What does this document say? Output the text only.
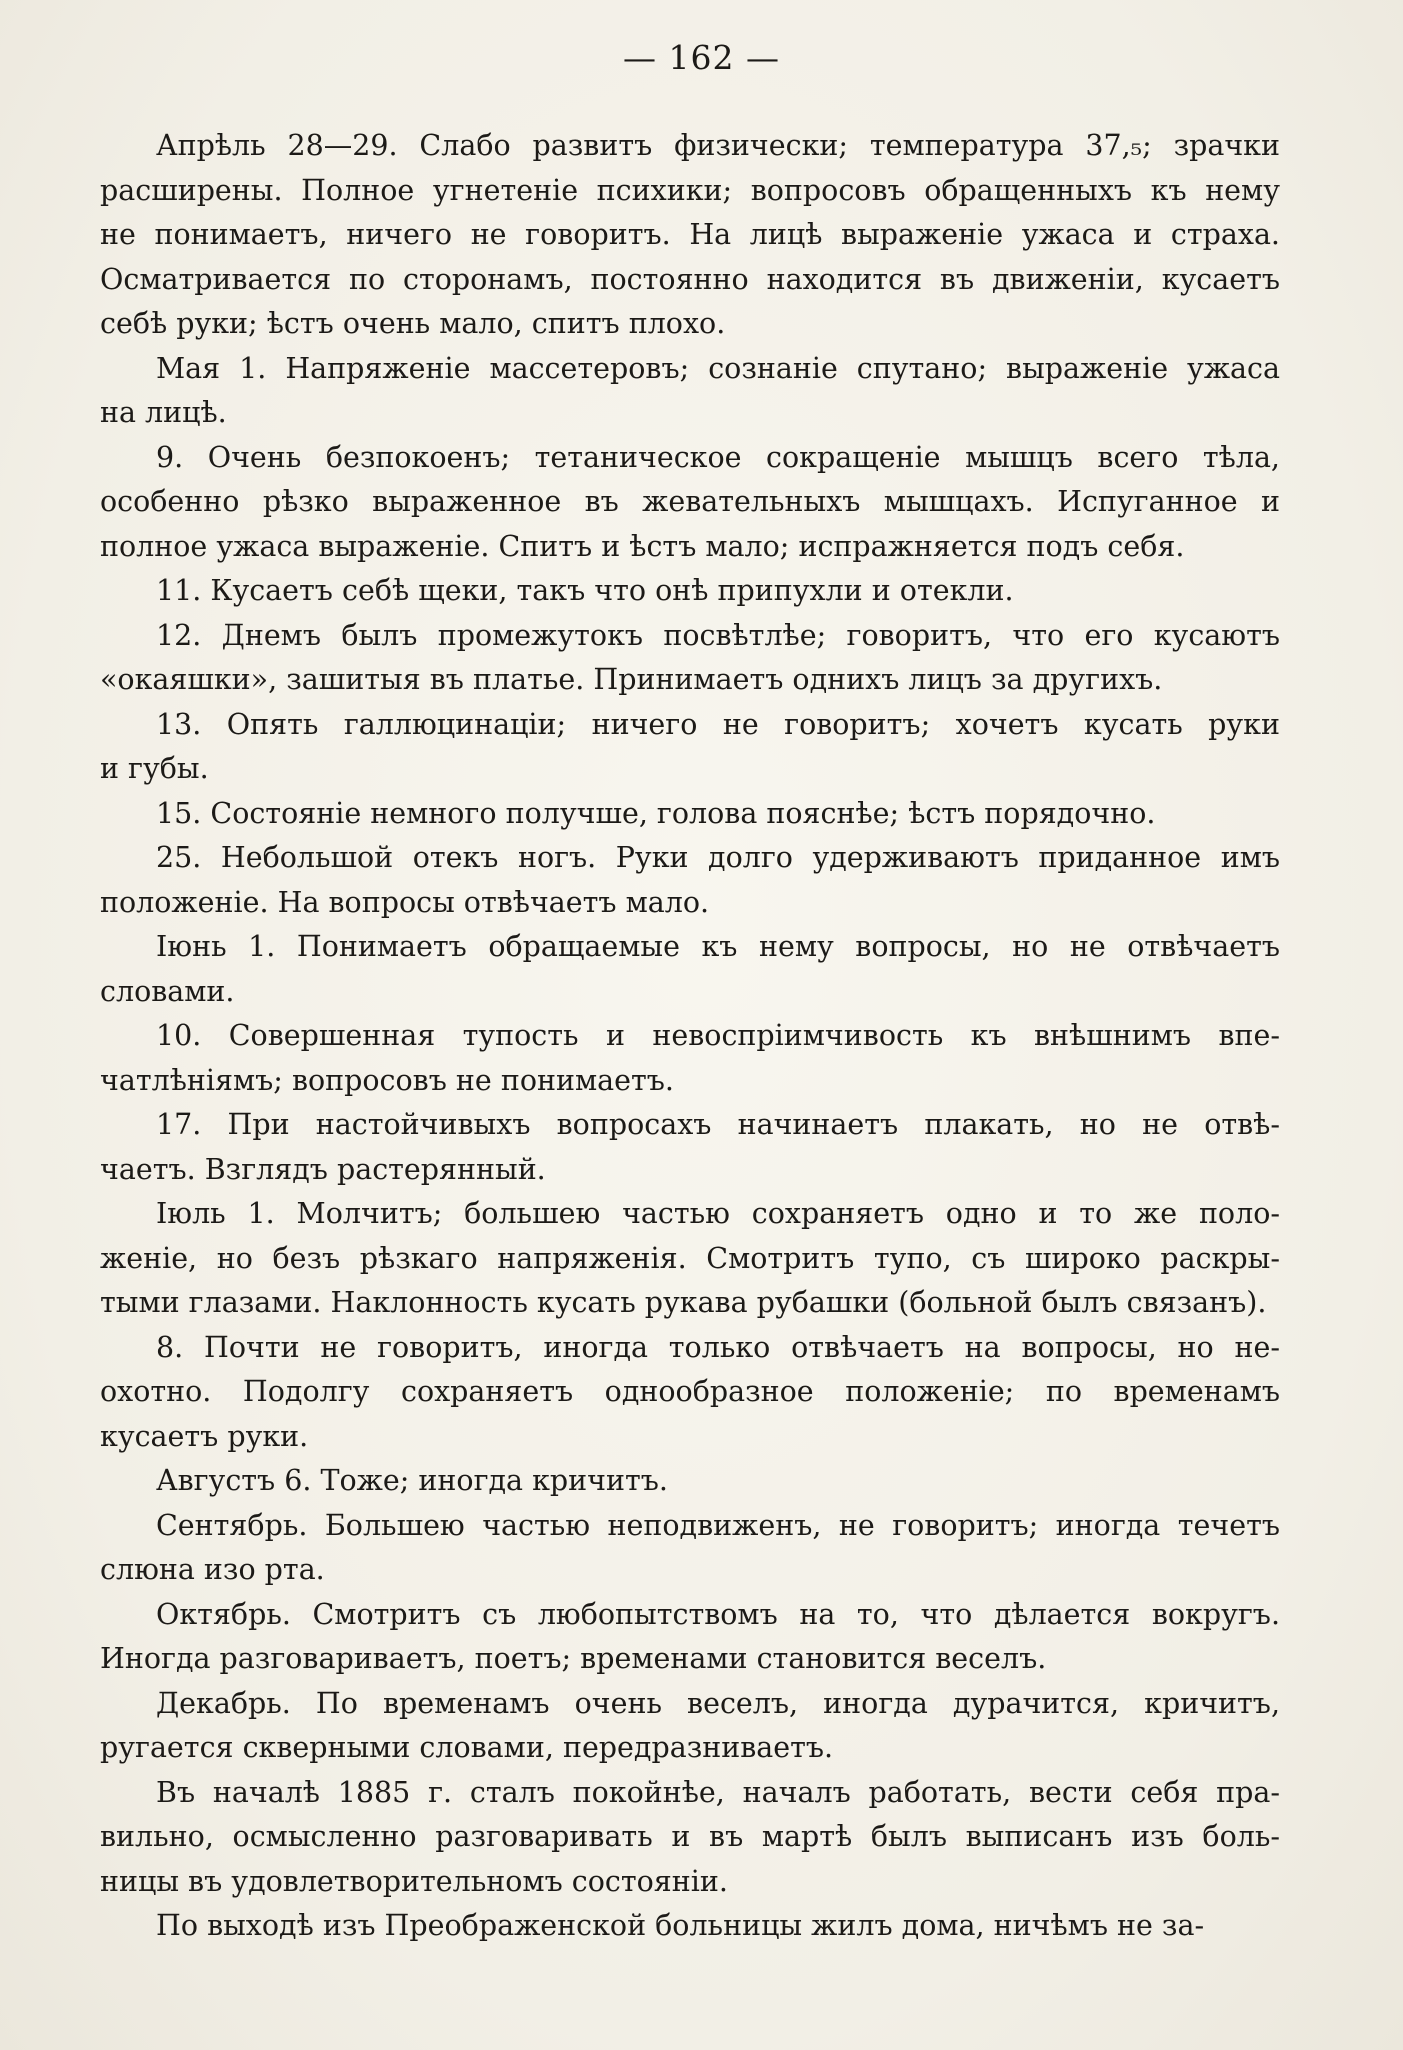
— 162 —
Апрѣль 28—29. Слабо развитъ физически; температура 37,₅; зрачки
расширены. Полное угнетеніе психики; вопросовъ обращенныхъ къ нему
не понимаетъ, ничего не говоритъ. На лицѣ выраженіе ужаса и страха.
Осматривается по сторонамъ, постоянно находится въ движеніи, кусаетъ
себѣ руки; ѣстъ очень мало, спитъ плохо.
Мая 1. Напряженіе массетеровъ; сознаніе спутано; выраженіе ужаса
на лицѣ.
9. Очень безпокоенъ; тетаническое сокращеніе мышцъ всего тѣла,
особенно рѣзко выраженное въ жевательныхъ мышцахъ. Испуганное и
полное ужаса выраженіе. Спитъ и ѣстъ мало; испражняется подъ себя.
11. Кусаетъ себѣ щеки, такъ что онѣ припухли и отекли.
12. Днемъ былъ промежутокъ посвѣтлѣе; говоритъ, что его кусаютъ
«окаяшки», зашитыя въ платье. Принимаетъ однихъ лицъ за другихъ.
13. Опять галлюцинаціи; ничего не говоритъ; хочетъ кусать руки
и губы.
15. Состояніе немного получше, голова пояснѣе; ѣстъ порядочно.
25. Небольшой отекъ ногъ. Руки долго удерживаютъ приданное имъ
положеніе. На вопросы отвѣчаетъ мало.
Іюнь 1. Понимаетъ обращаемые къ нему вопросы, но не отвѣчаетъ
словами.
10. Совершенная тупость и невоспріимчивость къ внѣшнимъ впе-
чатлѣніямъ; вопросовъ не понимаетъ.
17. При настойчивыхъ вопросахъ начинаетъ плакать, но не отвѣ-
чаетъ. Взглядъ растерянный.
Іюль 1. Молчитъ; большею частью сохраняетъ одно и то же поло-
женіе, но безъ рѣзкаго напряженія. Смотритъ тупо, съ широко раскры-
тыми глазами. Наклонность кусать рукава рубашки (больной былъ связанъ).
8. Почти не говоритъ, иногда только отвѣчаетъ на вопросы, но не-
охотно. Подолгу сохраняетъ однообразное положеніе; по временамъ
кусаетъ руки.
Августъ 6. Тоже; иногда кричитъ.
Сентябрь. Большею частью неподвиженъ, не говоритъ; иногда течетъ
слюна изо рта.
Октябрь. Смотритъ съ любопытствомъ на то, что дѣлается вокругъ.
Иногда разговариваетъ, поетъ; временами становится веселъ.
Декабрь. По временамъ очень веселъ, иногда дурачится, кричитъ,
ругается скверными словами, передразниваетъ.
Въ началѣ 1885 г. сталъ покойнѣе, началъ работать, вести себя пра-
вильно, осмысленно разговаривать и въ мартѣ былъ выписанъ изъ боль-
ницы въ удовлетворительномъ состояніи.
По выходѣ изъ Преображенской больницы жилъ дома, ничѣмъ не за-
